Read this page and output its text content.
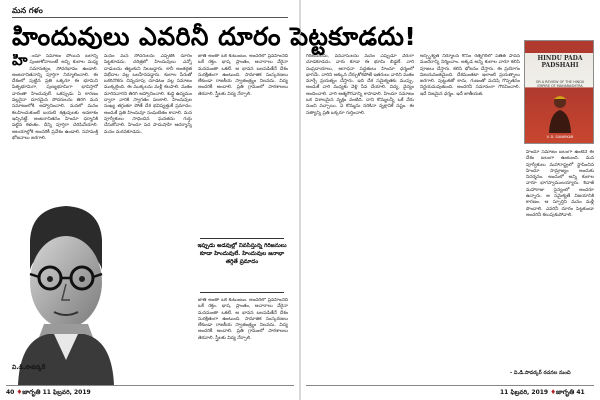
మన గళం
హి ందూ సమాజం పోయిన బలాన్ని పుంజుకోవాలంటే అన్ని కులాల మధ్య సమానత్వం, సోదరభావం ఉండాలి. అంటరానితనాన్ని పూర్తిగా నిర్మూలించాలి. ఈ దేశంలో పుట్టిన ప్రతి ఒక్కరూ ఈ భూమిని పితృభూమిగా, పుణ్యభూమిగా భావిస్తారో వారంతా హిందువులే. ఒకప్పుడు ఏ కారణం వల్లనైనా దూరమైన సోదరులను తిరిగి మన సమాజంలోకి ఆహ్వానించాలి. మనలో మనం కలహించుకుంటే బయటి శత్రువులకు అవకాశం ఇచ్చినట్టే. అంటరానితనం హిందూ ధర్మానికి పట్టిన కళంకం. దీన్ని పూర్తిగా చెరిపివేయాలి. ఆలయాల్లోకి అందరికీ ప్రవేశం ఉండాలి. సహపంక్తి భోజనాలు జరగాలి.
మనం మన సోదరులను ఎప్పటికీ దూరం పెట్టకూడదు. చరిత్రలో హిందువులు ఎన్నో దాడులను తట్టుకుని నిలబడ్డారు. కానీ అంతర్గత విభేదాల వల్ల బలహీనపడ్డారు. కులాల పేరుతో ఒకరినొకరు చిన్నచూపు చూడటం వల్ల సమాజం ముక్కలైంది. ఈ ముక్కలను మళ్లీ కలపాలి. మతం మారినవారిని తిరిగి ఆహ్వానించాలి. శుద్ధి ఉద్యమం ద్వారా వారికి స్వాగతం పలకాలి. హిందువుల సంఖ్య తగ్గుతూ పోతే దేశ భవిష్యత్తుకే ప్రమాదం. అందుకే ప్రతి హిందువూ సంఘటితం కావాలి. మన పూర్వీకులు సాధించిన ఘనతను గుర్తు చేసుకోవాలి. హిందూ పద పాదుషాహి ఆదర్శాన్ని మనం మరవకూడదు.
జాతి అంతా ఒకే కుటుంబం. అందరిలో ప్రవహించేది ఒకే రక్తం. భాష, ప్రాంతం, ఆచారాలు వేరైనా మనమంతా ఒకటే. ఆ భావన బలపడితేనే దేశం సురక్షితంగా ఉంటుంది. సామాజిక సంస్కరణలు లేకుండా రాజకీయ స్వాతంత్ర్యం నిలవదు. విద్య అందరికీ అందాలి. ప్రతి గ్రామంలో పాఠశాలలు తెరవాలి. స్త్రీలకు విద్య నేర్పాలి.
ఇప్పుడు అడవుల్లో నివసిస్తున్న గిరిజనులు కూడా హిందువులే. హిందువుల జనాభా తగ్గితే ప్రమాదం
జాతి అంతా ఒకే కుటుంబం. అందరిలో ప్రవహించేది ఒకే రక్తం. భాష, ప్రాంతం, ఆచారాలు వేరైనా మనమంతా ఒకటే. ఆ భావన బలపడితేనే దేశం సురక్షితంగా ఉంటుంది. సామాజిక సంస్కరణలు లేకుండా రాజకీయ స్వాతంత్ర్యం నిలవదు. విద్య అందరికీ అందాలి. ప్రతి గ్రామంలో పాఠశాలలు తెరవాలి. స్త్రీలకు విద్య నేర్పాలి.
వి.డి.సావర్కర్
40 ♦జాగృతి 11 ఫిబ్రవరి, 2019
హిందువులు ఎవరినీ దూరం పెట్టకూడదు!
గిరిజనులను, వనవాసులను మనం ఎప్పుడూ వేరుగా చూడకూడదు. వారు కూడా ఈ భూమి బిడ్డలే. వారి సంప్రదాయాలు, ఆరాధనా పద్ధతులు హిందూ ధర్మంలో భాగమే. వారిని అక్కున చేర్చుకోకపోతే ఇతరులు వారిని మతం మార్చే ప్రయత్నం చేస్తారు. ఇది దేశ సమైక్యతకు ముప్పు. అందుకే వారి మధ్యకు వెళ్లి సేవ చేయాలి. విద్య, వైద్యం అందించాలి. వారి ఆత్మగౌరవాన్ని కాపాడాలి. హిందూ సమాజం ఒక విశాలమైన వృక్షం వంటిది. దాని కొమ్మలన్నీ ఒకే వేరు నుంచి వచ్చాయి. ఏ కొమ్మను నరికినా వృక్షానికే నష్టం. ఈ సత్యాన్ని ప్రతి ఒక్కరూ గుర్తించాలి.
అస్పృశ్యత నిర్మూలన కోసం రత్నగిరిలో పతిత పావన మందిరాన్ని నిర్మించాం. అక్కడ అన్ని కులాల వారూ కలిసి పూజలు చేస్తారు. కలిసి భోజనం చేస్తారు. ఈ ప్రయోగం విజయవంతమైంది. దేశమంతటా ఇలాంటి ప్రయత్నాలు జరగాలి. పుట్టుకతో కాదు, గుణంతో మనిషి గొప్పతనం నిర్ణయమవుతుంది. అందరినీ సమానంగా గౌరవించాలి. ఇదే నిజమైన ధర్మం. ఇదే జాతీయత.
హిందూ సమాజం బలంగా ఉంటేనే ఈ దేశం బలంగా ఉంటుంది. మన పూర్వీకులు మహారాష్ట్రలో స్థాపించిన హిందూ సామ్రాజ్యం అందుకు నిదర్శనం. అందులో అన్ని కులాల వారూ భాగస్వాములయ్యారు. శివాజీ మహారాజు సైన్యంలో అందరూ ఉన్నారు. ఆ సమైక్యతే విజయానికి కారణం. ఆ స్ఫూర్తిని మనం మళ్లీ పొందాలి. ఎవరినీ దూరం పెట్టకుండా అందరినీ కలుపుకుపోవాలి.
11 ఫిబ్రవరి, 2019 ♦జాగృతి 41
HINDU PADA PADSHAHI
OR A REVIEW OF THE HINDU EMPIRE OF MAHARASHTRA
V. D. SAVARKAR
- వి.డి.సావర్కర్ రచనల నుంచి
